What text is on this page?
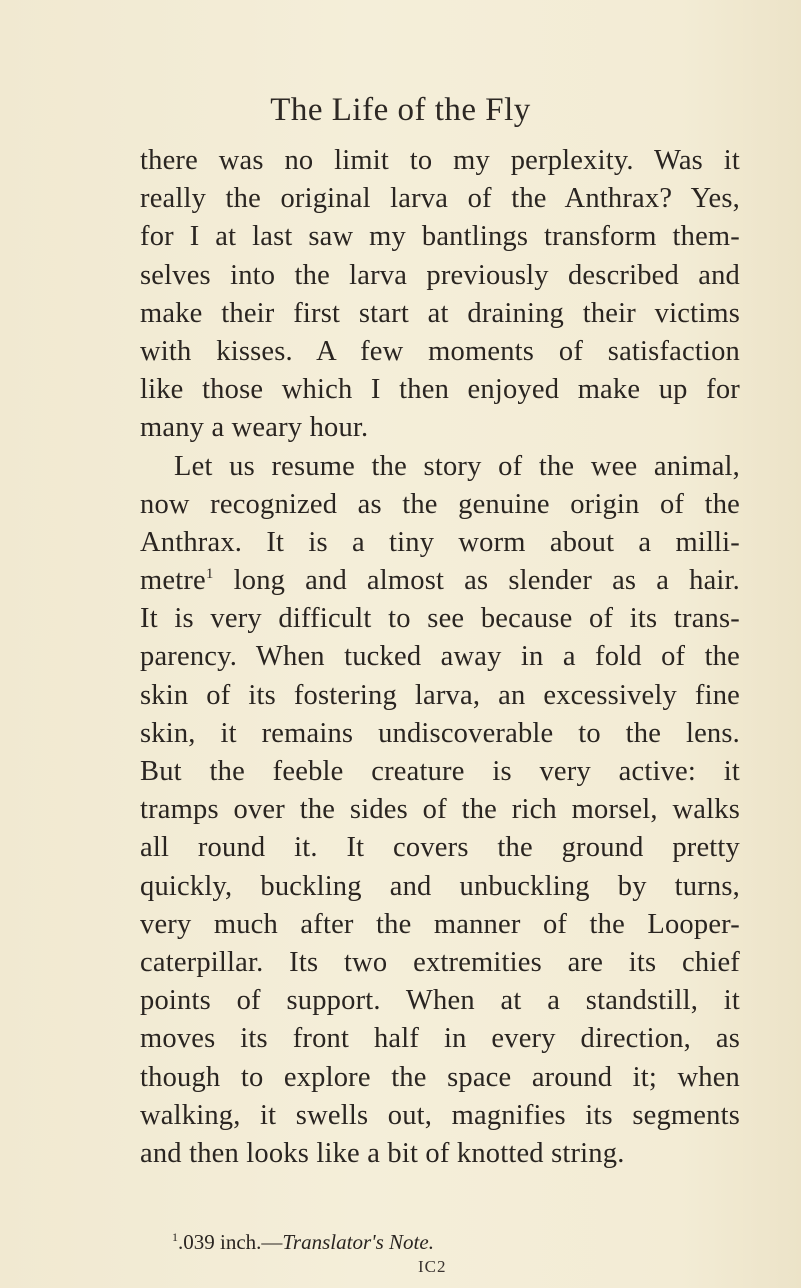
The Life of the Fly
there was no limit to my perplexity. Was it
really the original larva of the Anthrax? Yes,
for I at last saw my bantlings transform them-
selves into the larva previously described and
make their first start at draining their victims
with kisses. A few moments of satisfaction
like those which I then enjoyed make up for
many a weary hour.
Let us resume the story of the wee animal,
now recognized as the genuine origin of the
Anthrax. It is a tiny worm about a milli-
metre$^1$ long and almost as slender as a hair.
It is very difficult to see because of its trans-
parency. When tucked away in a fold of the
skin of its fostering larva, an excessively fine
skin, it remains undiscoverable to the lens.
But the feeble creature is very active: it
tramps over the sides of the rich morsel, walks
all round it. It covers the ground pretty
quickly, buckling and unbuckling by turns,
very much after the manner of the Looper-
caterpillar. Its two extremities are its chief
points of support. When at a standstill, it
moves its front half in every direction, as
though to explore the space around it; when
walking, it swells out, magnifies its segments
and then looks like a bit of knotted string.
$^1$.039 inch.—Translator's Note.
IC2
